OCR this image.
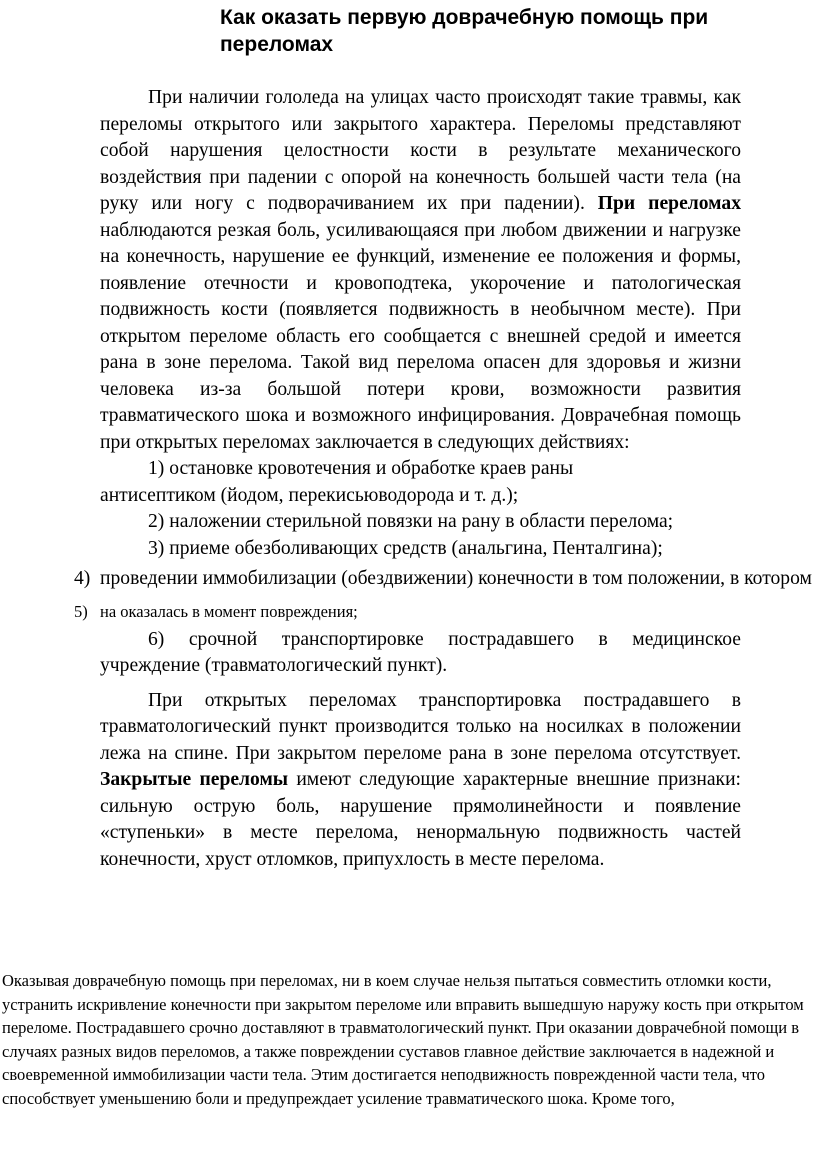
Как оказать первую доврачебную помощь при переломах

При наличии гололеда на улицах часто происходят такие травмы, как переломы открытого или закрытого характера. Переломы представляют собой нарушения целостности кости в результате механического воздействия при падении с опорой на конечность большей части тела (на руку или ногу с подворачиванием их при падении). При переломах наблюдаются резкая боль, усиливающаяся при любом движении и нагрузке на конечность, нарушение ее функций, изменение ее положения и формы, появление отечности и кровоподтека, укорочение и патологическая подвижность кости (появляется подвижность в необычном месте). При открытом переломе область его сообщается с внешней средой и имеется рана в зоне перелома. Такой вид перелома опасен для здоровья и жизни человека из-за большой потери крови, возможности развития травматического шока и возможного инфицирования. Доврачебная помощь при открытых переломах заключается в следующих действиях:

1) остановке кровотечения и обработке краев раны

антисептиком (йодом, перекисьюводорода и т. д.);

2) наложении стерильной повязки на рану в области перелома;

3) приеме обезболивающих средств (анальгина, Пенталгина);

4) проведении иммобилизации (обездвижении) конечности в том положении, в котором
5) на оказалась в момент повреждения;

6) срочной транспортировке пострадавшего в медицинское учреждение (травматологический пункт).

При открытых переломах транспортировка пострадавшего в травматологический пункт производится только на носилках в положении лежа на спине. При закрытом переломе рана в зоне перелома отсутствует. Закрытые переломы имеют следующие характерные внешние признаки: сильную острую боль, нарушение прямолинейности и появление «ступеньки» в месте перелома, ненормальную подвижность частей конечности, хруст отломков, припухлость в месте перелома.

Оказывая доврачебную помощь при переломах, ни в коем случае нельзя пытаться совместить отломки кости, устранить искривление конечности при закрытом переломе или вправить вышедшую наружу кость при открытом переломе. Пострадавшего срочно доставляют в травматологический пункт. При оказании доврачебной помощи в случаях разных видов переломов, а также повреждении суставов главное действие заключается в надежной и своевременной иммобилизации части тела. Этим достигается неподвижность поврежденной части тела, что способствует уменьшению боли и предупреждает усиление травматического шока. Кроме того,
